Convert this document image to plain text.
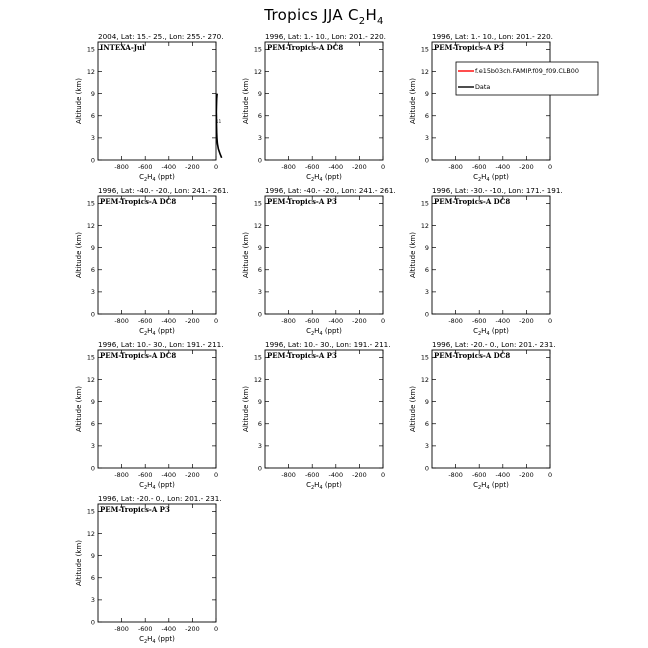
Tropics JJA $C_2H_4$
2004, Lat: 15.- 25., Lon: 255.- 270.
-800 -600 -400 -200 0
0
3
6
9
12
15
$C_2H_4$ (ppt)
Altitude (km)
INTEXA-Jul
11
1996, Lat: 1.- 10., Lon: 201.- 220.
-800 -600 -400 -200 0
0
3
6
9
12
15
$C_2H_4$ (ppt)
Altitude (km)
PEM-Tropics-A DC8
1996, Lat: 1.- 10., Lon: 201.- 220.
-800 -600 -400 -200 0
0
3
6
9
12
15
$C_2H_4$ (ppt)
Altitude (km)
PEM-Tropics-A P3
1996, Lat: -40.- -20., Lon: 241.- 261.
-800 -600 -400 -200 0
0
3
6
9
12
15
$C_2H_4$ (ppt)
Altitude (km)
PEM-Tropics-A DC8
1996, Lat: -40.- -20., Lon: 241.- 261.
-800 -600 -400 -200 0
0
3
6
9
12
15
$C_2H_4$ (ppt)
Altitude (km)
PEM-Tropics-A P3
1996, Lat: -30.- -10., Lon: 171.- 191.
-800 -600 -400 -200 0
0
3
6
9
12
15
$C_2H_4$ (ppt)
Altitude (km)
PEM-Tropics-A DC8
1996, Lat: 10.- 30., Lon: 191.- 211.
-800 -600 -400 -200 0
0
3
6
9
12
15
$C_2H_4$ (ppt)
Altitude (km)
PEM-Tropics-A DC8
1996, Lat: 10.- 30., Lon: 191.- 211.
-800 -600 -400 -200 0
0
3
6
9
12
15
$C_2H_4$ (ppt)
Altitude (km)
PEM-Tropics-A P3
1996, Lat: -20.- 0., Lon: 201.- 231.
-800 -600 -400 -200 0
0
3
6
9
12
15
$C_2H_4$ (ppt)
Altitude (km)
PEM-Tropics-A DC8
1996, Lat: -20.- 0., Lon: 201.- 231.
-800 -600 -400 -200 0
0
3
6
9
12
15
$C_2H_4$ (ppt)
Altitude (km)
PEM-Tropics-A P3
f.e15b03ch.FAMIP.f09_f09.CLB00
Data
